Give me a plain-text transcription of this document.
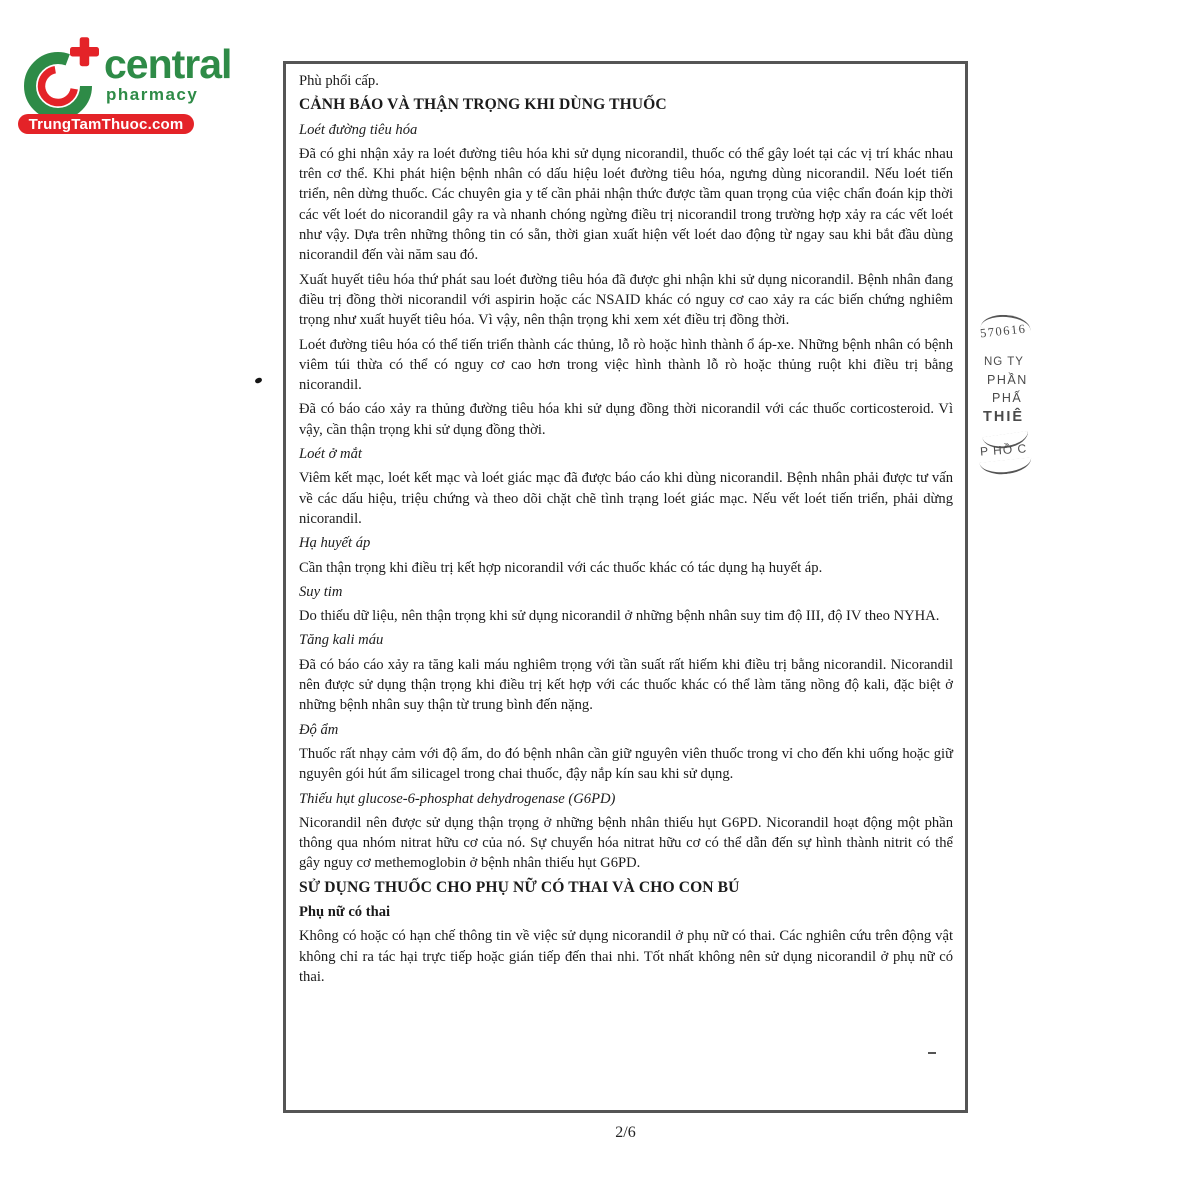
central
pharmacy
TrungTamThuoc.com
Phù phổi cấp.
CẢNH BÁO VÀ THẬN TRỌNG KHI DÙNG THUỐC
Loét đường tiêu hóa
Đã có ghi nhận xảy ra loét đường tiêu hóa khi sử dụng nicorandil, thuốc có thể gây loét tại các vị trí khác nhau trên cơ thể. Khi phát hiện bệnh nhân có dấu hiệu loét đường tiêu hóa, ngưng dùng nicorandil. Nếu loét tiến triển, nên dừng thuốc. Các chuyên gia y tế cần phải nhận thức được tầm quan trọng của việc chẩn đoán kịp thời các vết loét do nicorandil gây ra và nhanh chóng ngừng điều trị nicorandil trong trường hợp xảy ra các vết loét như vậy. Dựa trên những thông tin có sẵn, thời gian xuất hiện vết loét dao động từ ngay sau khi bắt đầu dùng nicorandil đến vài năm sau đó.
Xuất huyết tiêu hóa thứ phát sau loét đường tiêu hóa đã được ghi nhận khi sử dụng nicorandil. Bệnh nhân đang điều trị đồng thời nicorandil với aspirin hoặc các NSAID khác có nguy cơ cao xảy ra các biến chứng nghiêm trọng như xuất huyết tiêu hóa. Vì vậy, nên thận trọng khi xem xét điều trị đồng thời.
Loét đường tiêu hóa có thể tiến triển thành các thủng, lỗ rò hoặc hình thành ổ áp-xe. Những bệnh nhân có bệnh viêm túi thừa có thể có nguy cơ cao hơn trong việc hình thành lỗ rò hoặc thủng ruột khi điều trị bằng nicorandil.
Đã có báo cáo xảy ra thủng đường tiêu hóa khi sử dụng đồng thời nicorandil với các thuốc corticosteroid. Vì vậy, cần thận trọng khi sử dụng đồng thời.
Loét ở mắt
Viêm kết mạc, loét kết mạc và loét giác mạc đã được báo cáo khi dùng nicorandil. Bệnh nhân phải được tư vấn về các dấu hiệu, triệu chứng và theo dõi chặt chẽ tình trạng loét giác mạc. Nếu vết loét tiến triển, phải dừng nicorandil.
Hạ huyết áp
Cần thận trọng khi điều trị kết hợp nicorandil với các thuốc khác có tác dụng hạ huyết áp.
Suy tim
Do thiếu dữ liệu, nên thận trọng khi sử dụng nicorandil ở những bệnh nhân suy tim độ III, độ IV theo NYHA.
Tăng kali máu
Đã có báo cáo xảy ra tăng kali máu nghiêm trọng với tần suất rất hiếm khi điều trị bằng nicorandil. Nicorandil nên được sử dụng thận trọng khi điều trị kết hợp với các thuốc khác có thể làm tăng nồng độ kali, đặc biệt ở những bệnh nhân suy thận từ trung bình đến nặng.
Độ ẩm
Thuốc rất nhạy cảm với độ ẩm, do đó bệnh nhân cần giữ nguyên viên thuốc trong vỉ cho đến khi uống hoặc giữ nguyên gói hút ẩm silicagel trong chai thuốc, đậy nắp kín sau khi sử dụng.
Thiếu hụt glucose-6-phosphat dehydrogenase (G6PD)
Nicorandil nên được sử dụng thận trọng ở những bệnh nhân thiếu hụt G6PD. Nicorandil hoạt động một phần thông qua nhóm nitrat hữu cơ của nó. Sự chuyển hóa nitrat hữu cơ có thể dẫn đến sự hình thành nitrit có thể gây nguy cơ methemoglobin ở bệnh nhân thiếu hụt G6PD.
SỬ DỤNG THUỐC CHO PHỤ NỮ CÓ THAI VÀ CHO CON BÚ
Phụ nữ có thai
Không có hoặc có hạn chế thông tin về việc sử dụng nicorandil ở phụ nữ có thai. Các nghiên cứu trên động vật không chỉ ra tác hại trực tiếp hoặc gián tiếp đến thai nhi. Tốt nhất không nên sử dụng nicorandil ở phụ nữ có thai.
570616
NG TY
PHẦN
PHẤ
THIÊ
P HỒ C
2/6
